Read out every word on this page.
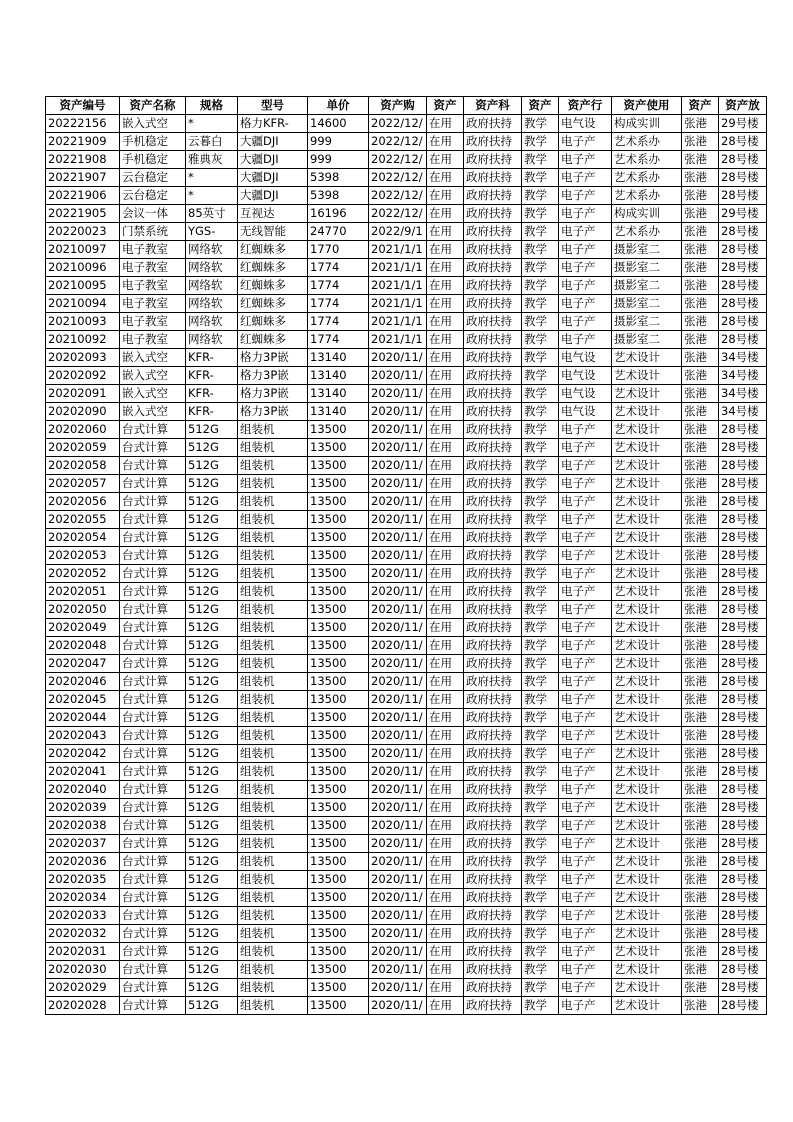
资产编号	资产名称	规格	型号	单价	资产购	资产	资产科	资产	资产行	资产使用	资产	资产放
20222156	嵌入式空	*	格力KFR-	14600	2022/12/	在用	政府扶持	教学	电气设	构成实训	张港	29号楼
20221909	手机稳定	云暮白	大疆DJI	999	2022/12/	在用	政府扶持	教学	电子产	艺术系办	张港	28号楼
20221908	手机稳定	雅典灰	大疆DJI	999	2022/12/	在用	政府扶持	教学	电子产	艺术系办	张港	28号楼
20221907	云台稳定	*	大疆DJI	5398	2022/12/	在用	政府扶持	教学	电子产	艺术系办	张港	28号楼
20221906	云台稳定	*	大疆DJI	5398	2022/12/	在用	政府扶持	教学	电子产	艺术系办	张港	28号楼
20221905	会议一体	85英寸	互视达	16196	2022/12/	在用	政府扶持	教学	电子产	构成实训	张港	29号楼
20220023	门禁系统	YGS-	无线智能	24770	2022/9/1	在用	政府扶持	教学	电子产	艺术系办	张港	28号楼
20210097	电子教室	网络软	红蜘蛛多	1770	2021/1/1	在用	政府扶持	教学	电子产	摄影室二	张港	28号楼
20210096	电子教室	网络软	红蜘蛛多	1774	2021/1/1	在用	政府扶持	教学	电子产	摄影室二	张港	28号楼
20210095	电子教室	网络软	红蜘蛛多	1774	2021/1/1	在用	政府扶持	教学	电子产	摄影室二	张港	28号楼
20210094	电子教室	网络软	红蜘蛛多	1774	2021/1/1	在用	政府扶持	教学	电子产	摄影室二	张港	28号楼
20210093	电子教室	网络软	红蜘蛛多	1774	2021/1/1	在用	政府扶持	教学	电子产	摄影室二	张港	28号楼
20210092	电子教室	网络软	红蜘蛛多	1774	2021/1/1	在用	政府扶持	教学	电子产	摄影室二	张港	28号楼
20202093	嵌入式空	KFR-	格力3P嵌	13140	2020/11/	在用	政府扶持	教学	电气设	艺术设计	张港	34号楼
20202092	嵌入式空	KFR-	格力3P嵌	13140	2020/11/	在用	政府扶持	教学	电气设	艺术设计	张港	34号楼
20202091	嵌入式空	KFR-	格力3P嵌	13140	2020/11/	在用	政府扶持	教学	电气设	艺术设计	张港	34号楼
20202090	嵌入式空	KFR-	格力3P嵌	13140	2020/11/	在用	政府扶持	教学	电气设	艺术设计	张港	34号楼
20202060	台式计算	512G	组装机	13500	2020/11/	在用	政府扶持	教学	电子产	艺术设计	张港	28号楼
20202059	台式计算	512G	组装机	13500	2020/11/	在用	政府扶持	教学	电子产	艺术设计	张港	28号楼
20202058	台式计算	512G	组装机	13500	2020/11/	在用	政府扶持	教学	电子产	艺术设计	张港	28号楼
20202057	台式计算	512G	组装机	13500	2020/11/	在用	政府扶持	教学	电子产	艺术设计	张港	28号楼
20202056	台式计算	512G	组装机	13500	2020/11/	在用	政府扶持	教学	电子产	艺术设计	张港	28号楼
20202055	台式计算	512G	组装机	13500	2020/11/	在用	政府扶持	教学	电子产	艺术设计	张港	28号楼
20202054	台式计算	512G	组装机	13500	2020/11/	在用	政府扶持	教学	电子产	艺术设计	张港	28号楼
20202053	台式计算	512G	组装机	13500	2020/11/	在用	政府扶持	教学	电子产	艺术设计	张港	28号楼
20202052	台式计算	512G	组装机	13500	2020/11/	在用	政府扶持	教学	电子产	艺术设计	张港	28号楼
20202051	台式计算	512G	组装机	13500	2020/11/	在用	政府扶持	教学	电子产	艺术设计	张港	28号楼
20202050	台式计算	512G	组装机	13500	2020/11/	在用	政府扶持	教学	电子产	艺术设计	张港	28号楼
20202049	台式计算	512G	组装机	13500	2020/11/	在用	政府扶持	教学	电子产	艺术设计	张港	28号楼
20202048	台式计算	512G	组装机	13500	2020/11/	在用	政府扶持	教学	电子产	艺术设计	张港	28号楼
20202047	台式计算	512G	组装机	13500	2020/11/	在用	政府扶持	教学	电子产	艺术设计	张港	28号楼
20202046	台式计算	512G	组装机	13500	2020/11/	在用	政府扶持	教学	电子产	艺术设计	张港	28号楼
20202045	台式计算	512G	组装机	13500	2020/11/	在用	政府扶持	教学	电子产	艺术设计	张港	28号楼
20202044	台式计算	512G	组装机	13500	2020/11/	在用	政府扶持	教学	电子产	艺术设计	张港	28号楼
20202043	台式计算	512G	组装机	13500	2020/11/	在用	政府扶持	教学	电子产	艺术设计	张港	28号楼
20202042	台式计算	512G	组装机	13500	2020/11/	在用	政府扶持	教学	电子产	艺术设计	张港	28号楼
20202041	台式计算	512G	组装机	13500	2020/11/	在用	政府扶持	教学	电子产	艺术设计	张港	28号楼
20202040	台式计算	512G	组装机	13500	2020/11/	在用	政府扶持	教学	电子产	艺术设计	张港	28号楼
20202039	台式计算	512G	组装机	13500	2020/11/	在用	政府扶持	教学	电子产	艺术设计	张港	28号楼
20202038	台式计算	512G	组装机	13500	2020/11/	在用	政府扶持	教学	电子产	艺术设计	张港	28号楼
20202037	台式计算	512G	组装机	13500	2020/11/	在用	政府扶持	教学	电子产	艺术设计	张港	28号楼
20202036	台式计算	512G	组装机	13500	2020/11/	在用	政府扶持	教学	电子产	艺术设计	张港	28号楼
20202035	台式计算	512G	组装机	13500	2020/11/	在用	政府扶持	教学	电子产	艺术设计	张港	28号楼
20202034	台式计算	512G	组装机	13500	2020/11/	在用	政府扶持	教学	电子产	艺术设计	张港	28号楼
20202033	台式计算	512G	组装机	13500	2020/11/	在用	政府扶持	教学	电子产	艺术设计	张港	28号楼
20202032	台式计算	512G	组装机	13500	2020/11/	在用	政府扶持	教学	电子产	艺术设计	张港	28号楼
20202031	台式计算	512G	组装机	13500	2020/11/	在用	政府扶持	教学	电子产	艺术设计	张港	28号楼
20202030	台式计算	512G	组装机	13500	2020/11/	在用	政府扶持	教学	电子产	艺术设计	张港	28号楼
20202029	台式计算	512G	组装机	13500	2020/11/	在用	政府扶持	教学	电子产	艺术设计	张港	28号楼
20202028	台式计算	512G	组装机	13500	2020/11/	在用	政府扶持	教学	电子产	艺术设计	张港	28号楼
